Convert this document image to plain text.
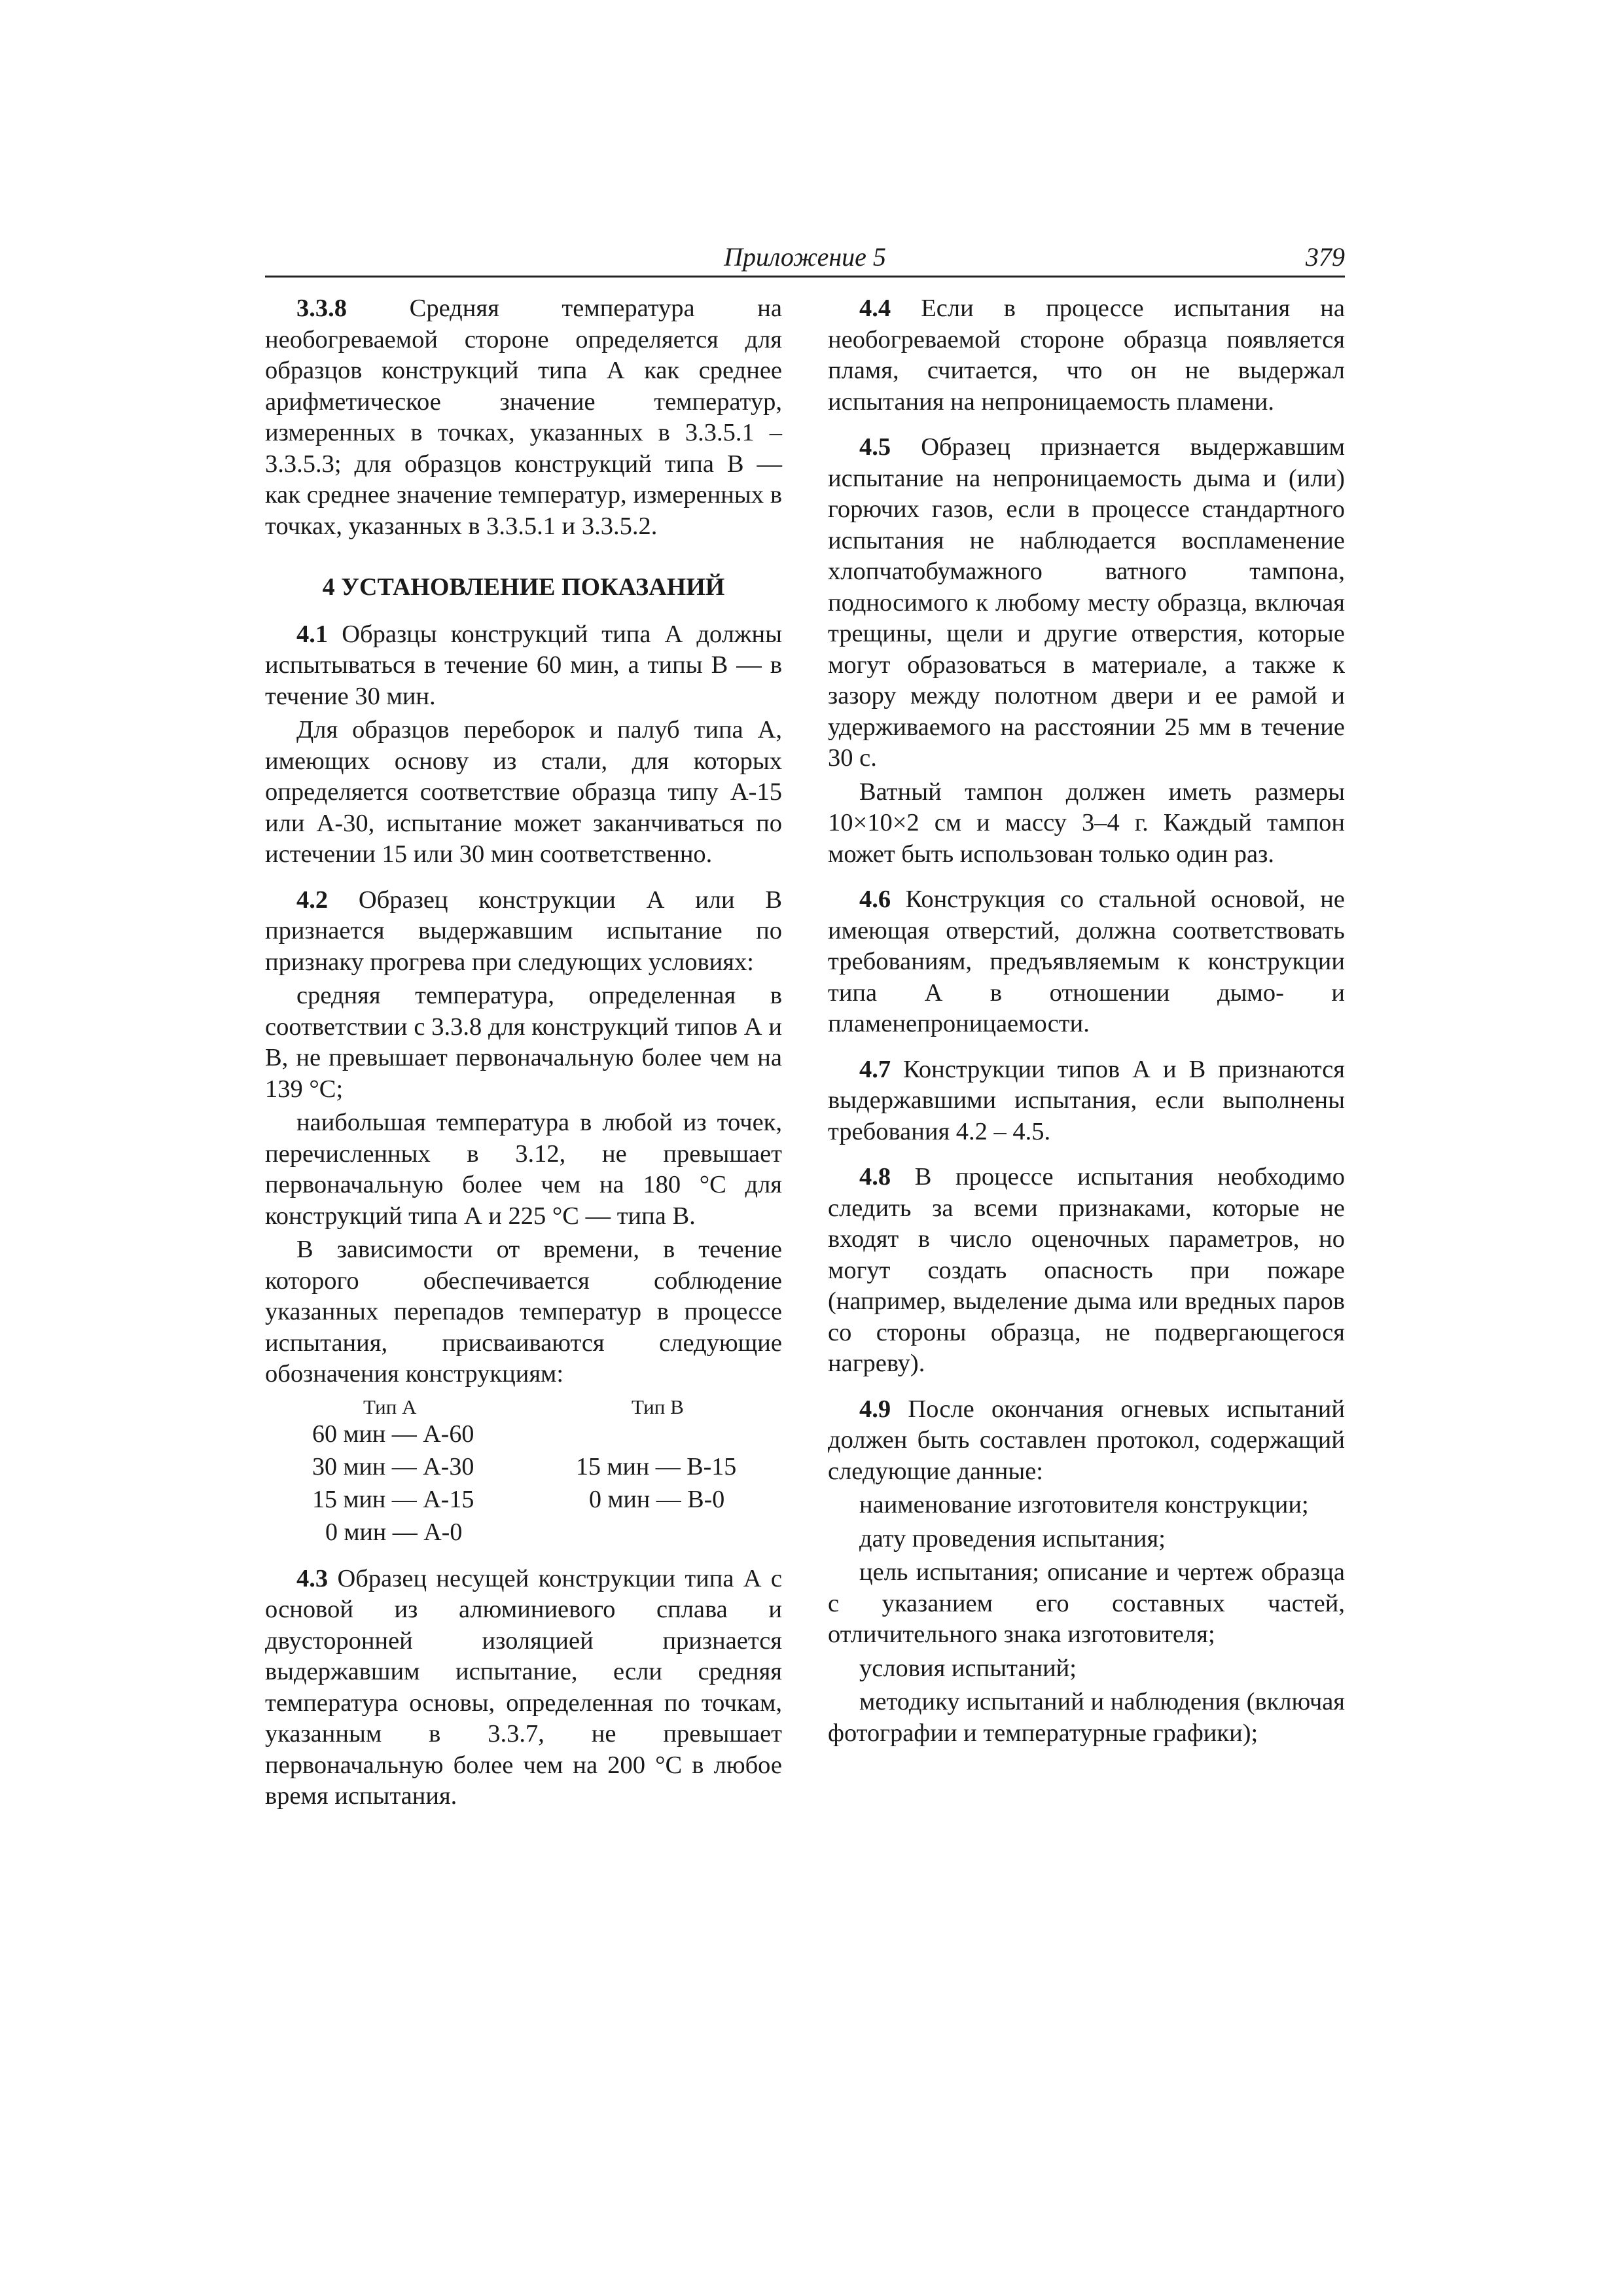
Приложение 5	379

3.3.8 Средняя температура на необогреваемой стороне определяется для образцов конструкций типа А как среднее арифметическое значение температур, измеренных в точках, указанных в 3.3.5.1 – 3.3.5.3; для образцов конструкций типа В — как среднее значение температур, измеренных в точках, указанных в 3.3.5.1 и 3.3.5.2.

4 УСТАНОВЛЕНИЕ ПОКАЗАНИЙ

4.1 Образцы конструкций типа А должны испытываться в течение 60 мин, а типы В — в течение 30 мин.

Для образцов переборок и палуб типа А, имеющих основу из стали, для которых определяется соответствие образца типу А-15 или А-30, испытание может заканчиваться по истечении 15 или 30 мин соответственно.

4.2 Образец конструкции А или В признается выдержавшим испытание по признаку прогрева при следующих условиях:

средняя температура, определенная в соответствии с 3.3.8 для конструкций типов А и В, не превышает первоначальную более чем на 139 °С;

наибольшая температура в любой из точек, перечисленных в 3.12, не превышает первоначальную более чем на 180 °С для конструкций типа А и 225 °С — типа В.

В зависимости от времени, в течение которого обеспечивается соблюдение указанных перепадов температур в процессе испытания, присваиваются следующие обозначения конструкциям:

Тип А	Тип В
60 мин — А-60
30 мин — А-30
15 мин — А-15
0 мин — А-0
15 мин — В-15
0 мин — В-0

4.3 Образец несущей конструкции типа А с основой из алюминиевого сплава и двусторонней изоляцией признается выдержавшим испытание, если средняя температура основы, определенная по точкам, указанным в 3.3.7, не превышает первоначальную более чем на 200 °С в любое время испытания.

4.4 Если в процессе испытания на необогреваемой стороне образца появляется пламя, считается, что он не выдержал испытания на непроницаемость пламени.

4.5 Образец признается выдержавшим испытание на непроницаемость дыма и (или) горючих газов, если в процессе стандартного испытания не наблюдается воспламенение хлопчатобумажного ватного тампона, подносимого к любому месту образца, включая трещины, щели и другие отверстия, которые могут образоваться в материале, а также к зазору между полотном двери и ее рамой и удерживаемого на расстоянии 25 мм в течение 30 с.

Ватный тампон должен иметь размеры 10×10×2 см и массу 3–4 г. Каждый тампон может быть использован только один раз.

4.6 Конструкция со стальной основой, не имеющая отверстий, должна соответствовать требованиям, предъявляемым к конструкции типа А в отношении дымо- и пламенепроницаемости.

4.7 Конструкции типов А и В признаются выдержавшими испытания, если выполнены требования 4.2 – 4.5.

4.8 В процессе испытания необходимо следить за всеми признаками, которые не входят в число оценочных параметров, но могут создать опасность при пожаре (например, выделение дыма или вредных паров со стороны образца, не подвергающегося нагреву).

4.9 После окончания огневых испытаний должен быть составлен протокол, содержащий следующие данные:

наименование изготовителя конструкции;

дату проведения испытания;

цель испытания; описание и чертеж образца с указанием его составных частей, отличительного знака изготовителя;

условия испытаний;

методику испытаний и наблюдения (включая фотографии и температурные графики);
